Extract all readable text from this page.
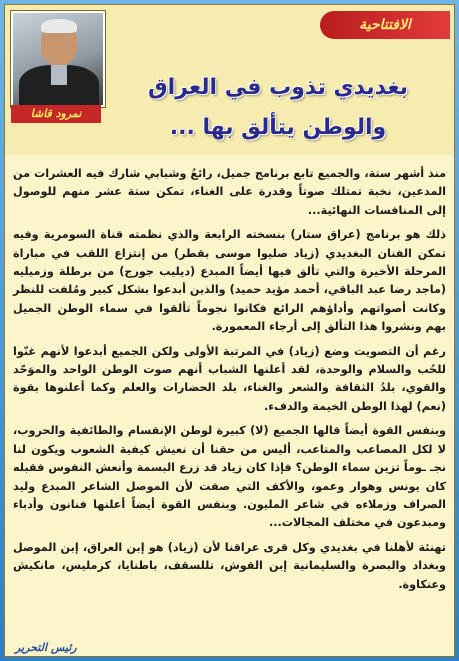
نمرود قاشا
الافتتاحية
بغديدي تذوب في العراق
والوطن يتألق بها ...

منذ أشهر ستة، والجميع تابع برنامج جميل، رائعُ وشبابي شارك فيه العشرات من المدعين، نخبة تمتلك صوتاً وقدرة على الغناء، تمكن ستة عشر منهم للوصول إلى المنافسات النهائية...

ذلك هو برنامج (عراق ستار) بنسخته الرابعة والذي نظمته قناة السومرية وفيه تمكن الفنان البغديدي (زياد صليوا موسى بقطر) من إنتزاع اللقب في مباراة المرحلة الأخيرة والتي تألق فيها أيضاً المبدع (ديليب جورج) من برطلة وزميليه (ماجد رضا عبد الباقي، أحمد مؤيد حميد) والذين أبدعوا بشكل كبير ومُلفت للنظر وكانت أصواتهم وأداؤهم الرائع فكانوا نجوماً تألقوا في سماء الوطن الجميل بهم ونشروا هذا التألق إلى أرجاء المعمورة.

رغم أن التصويت وضع (زياد) في المرتبة الأولى ولكن الجميع أبدعوا لأنهم غنّوا للحُب والسلام والوحدة، لقد أعلنها الشباب أنهم صوت الوطن الواحد والموَحّد والقوي، بلدُ الثقافة والشعر والغناء، بلد الحضارات والعلم وكما أعلنوها بقوة (نعم) لهذا الوطن الخيمة والدفء.

وبنفس القوة أيضاً قالها الجميع (لا) كبيرة لوطن الإنقسام والطائفية والحروب، لا لكل المصاعب والمتاعب، أليس من حقنا أن نعيش كيفية الشعوب ويكون لنا نجـ ـوماً تزين سماء الوطن؟ فإذا كان زياد قد زرع البسمة وأنعش النفوس فقبله كان يونس وهوار وعمو، والأكف التي صفت لأن الموصل الشاعر المبدع وليد الصراف وزملاءه في شاعر المليون. وبنفس القوة أيضاً أعلنها فنانون وأدباء ومبدعون في مختلف المجالات...

تهنئة لأهلنا في بغديدي وكل قرى عراقنا لأن (زياد) هو إبن العراق، إبن الموصل وبغداد والبصرة والسليمانية إبن القوش، تللسقف، باطنايا، كرمليس، مانكيش وعنكاوة.

رئيس التحرير
